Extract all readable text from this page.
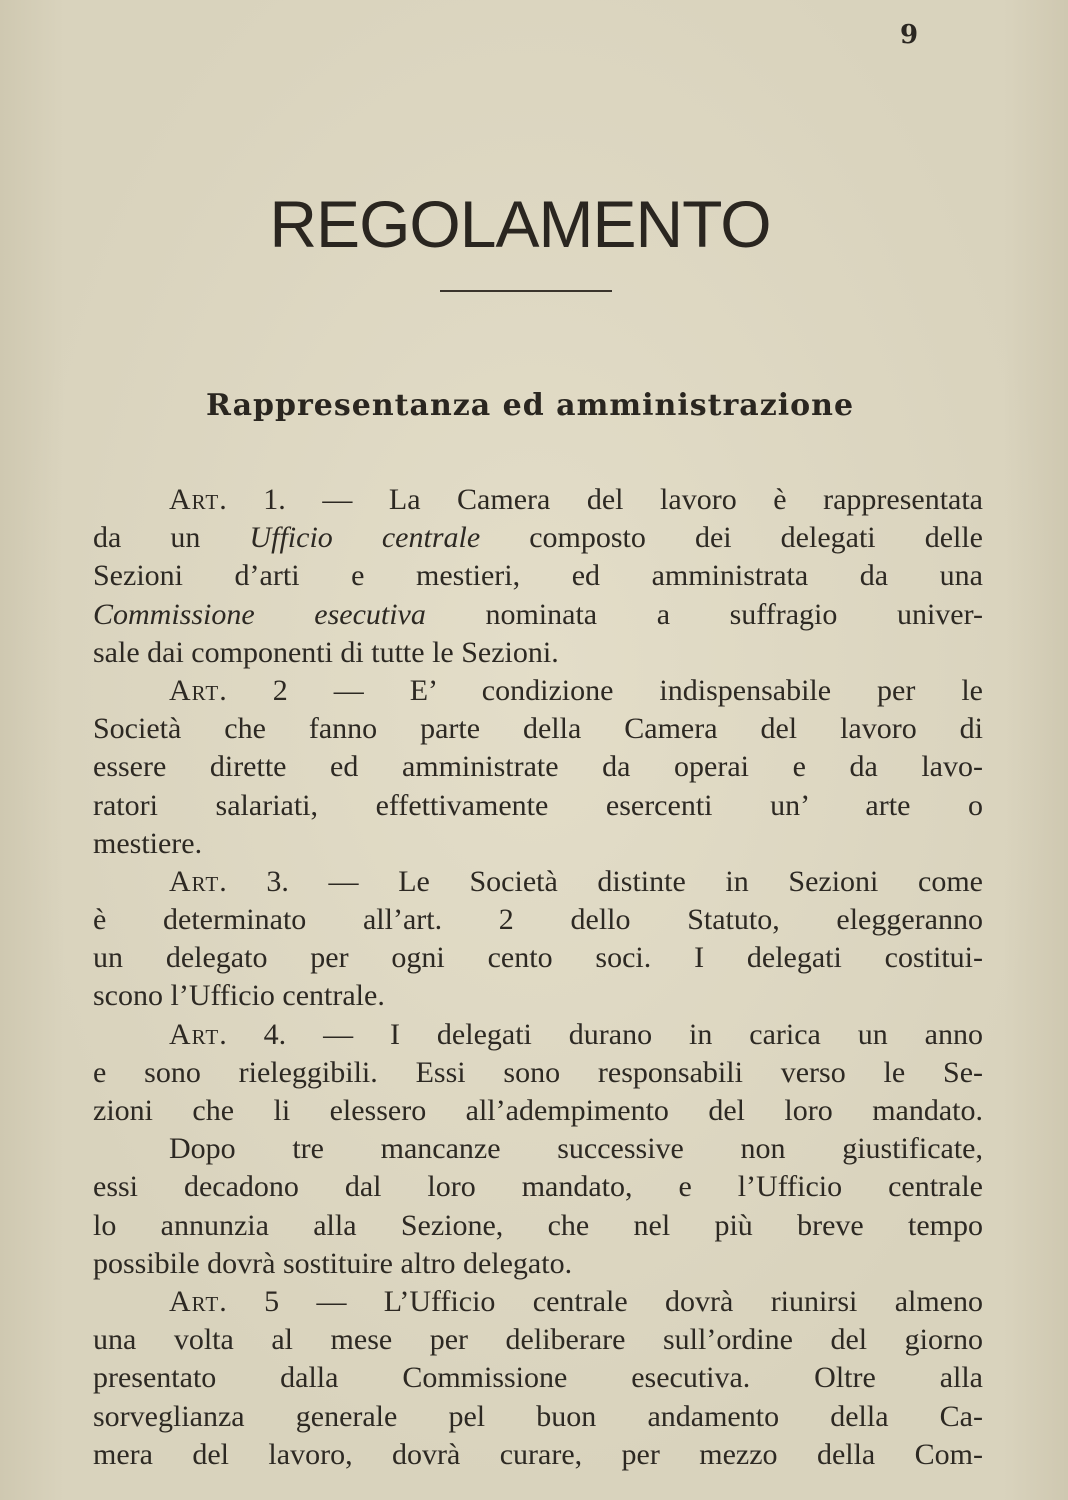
9
REGOLAMENTO
Rappresentanza ed amministrazione
Art. 1. — La Camera del lavoro è rappresentata
da un Ufficio centrale composto dei delegati delle
Sezioni d’arti e mestieri, ed amministrata da una
Commissione esecutiva nominata a suffragio univer-
sale dai componenti di tutte le Sezioni.
Art. 2 — E’ condizione indispensabile per le
Società che fanno parte della Camera del lavoro di
essere dirette ed amministrate da operai e da lavo-
ratori salariati, effettivamente esercenti un’ arte o
mestiere.
Art. 3. — Le Società distinte in Sezioni come
è determinato all’art. 2 dello Statuto, eleggeranno
un delegato per ogni cento soci. I delegati costitui-
scono l’Ufficio centrale.
Art. 4. — I delegati durano in carica un anno
e sono rieleggibili. Essi sono responsabili verso le Se-
zioni che li elessero all’adempimento del loro mandato.
Dopo tre mancanze successive non giustificate,
essi decadono dal loro mandato, e l’Ufficio centrale
lo annunzia alla Sezione, che nel più breve tempo
possibile dovrà sostituire altro delegato.
Art. 5 — L’Ufficio centrale dovrà riunirsi almeno
una volta al mese per deliberare sull’ordine del giorno
presentato dalla Commissione esecutiva. Oltre alla
sorveglianza generale pel buon andamento della Ca-
mera del lavoro, dovrà curare, per mezzo della Com-
